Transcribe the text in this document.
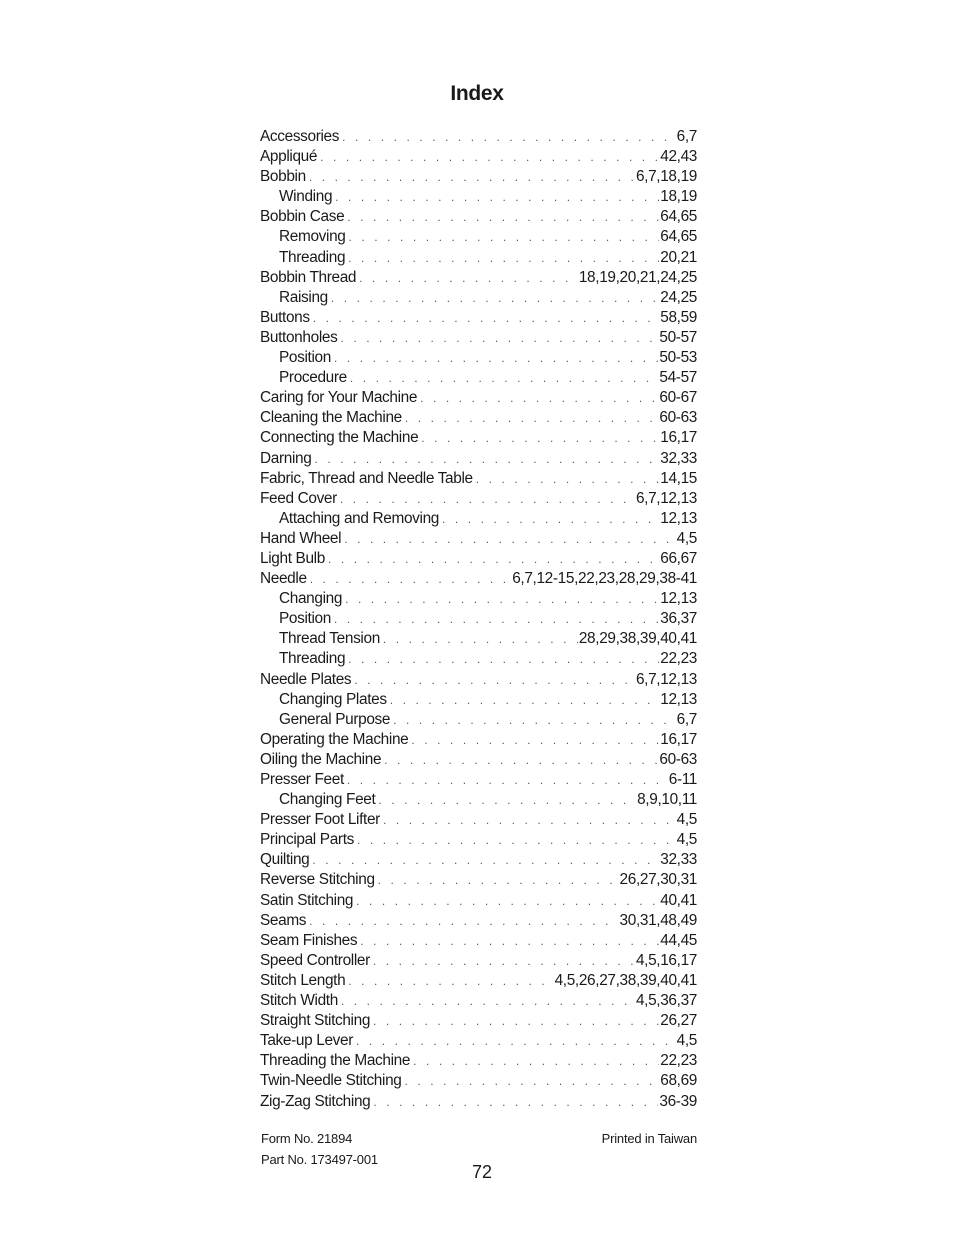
Index
Accessories . . .	6,7
Appliqué . . .	42,43
Bobbin . . .	6,7,18,19
Winding . . .	18,19
Bobbin Case . . .	64,65
Removing . . .	64,65
Threading . . .	20,21
Bobbin Thread . . .	18,19,20,21,24,25
Raising . . .	24,25
Buttons . . .	58,59
Buttonholes . . .	50-57
Position . . .	50-53
Procedure . . .	54-57
Caring for Your Machine . . .	60-67
Cleaning the Machine . . .	60-63
Connecting the Machine . . .	16,17
Darning . . .	32,33
Fabric, Thread and Needle Table . . .	14,15
Feed Cover . . .	6,7,12,13
Attaching and Removing . . .	12,13
Hand Wheel . . .	4,5
Light Bulb . . .	66,67
Needle . . .	6,7,12-15,22,23,28,29,38-41
Changing . . .	12,13
Position . . .	36,37
Thread Tension . . .	28,29,38,39,40,41
Threading . . .	22,23
Needle Plates . . .	6,7,12,13
Changing Plates . . .	12,13
General Purpose . . .	6,7
Operating the Machine . . .	16,17
Oiling the Machine . . .	60-63
Presser Feet . . .	6-11
Changing Feet . . .	8,9,10,11
Presser Foot Lifter . . .	4,5
Principal Parts . . .	4,5
Quilting . . .	32,33
Reverse Stitching . . .	26,27,30,31
Satin Stitching . . .	40,41
Seams . . .	30,31,48,49
Seam Finishes . . .	44,45
Speed Controller . . .	4,5,16,17
Stitch Length . . .	4,5,26,27,38,39,40,41
Stitch Width . . .	4,5,36,37
Straight Stitching . . .	26,27
Take-up Lever . . .	4,5
Threading the Machine . . .	22,23
Twin-Needle Stitching . . .	68,69
Zig-Zag Stitching . . .	36-39
Form No. 21894
Part No. 173497-001
Printed in Taiwan
72
